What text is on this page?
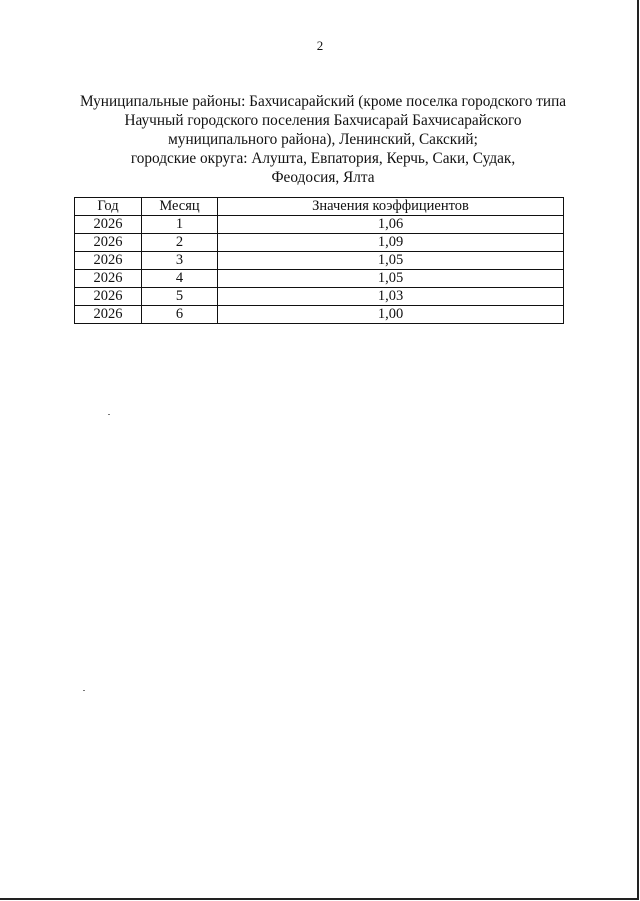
2
Муниципальные районы: Бахчисарайский (кроме поселка городского типа
Научный городского поселения Бахчисарай Бахчисарайского
муниципального района), Ленинский, Сакский;
городские округа: Алушта, Евпатория, Керчь, Саки, Судак,
Феодосия, Ялта
Год	Месяц	Значения коэффициентов
2026	1	1,06
2026	2	1,09
2026	3	1,05
2026	4	1,05
2026	5	1,03
2026	6	1,00
